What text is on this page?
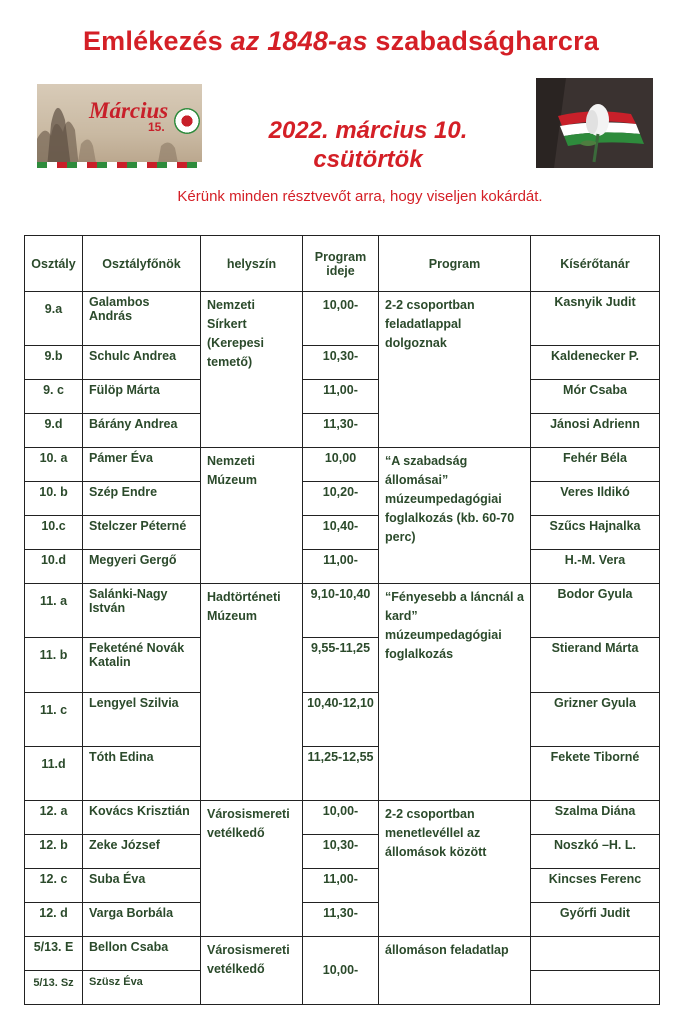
Emlékezés az 1848-as szabadságharcra
Március
15.	2022. március 10.
csütörtök
Kérünk minden résztvevőt arra, hogy viseljen kokárdát.
Osztály	Osztályfőnök	helyszín	Program ideje	Program	Kísérőtanár
9.a	Galambos András	Nemzeti Sírkert (Kerepesi temető)	10,00-	2-2 csoportban feladatlappal dolgoznak	Kasnyik Judit
9.b	Schulc Andrea		10,30-		Kaldenecker P.
9. c	Fülöp Márta		11,00-		Mór Csaba
9.d	Bárány Andrea		11,30-		Jánosi Adrienn
10. a	Pámer Éva	Nemzeti Múzeum	10,00	“A szabadság állomásai” múzeumpedagógiai foglalkozás (kb. 60-70 perc)	Fehér Béla
10. b	Szép Endre		10,20-		Veres Ildikó
10.c	Stelczer Péterné		10,40-		Szűcs Hajnalka
10.d	Megyeri Gergő		11,00-		H.-M. Vera
11. a	Salánki-Nagy István	Hadtörténeti Múzeum	9,10-10,40	“Fényesebb a láncnál a kard” múzeumpedagógiai foglalkozás	Bodor Gyula
11. b	Feketéné Novák Katalin		9,55-11,25		Stierand Márta
11. c	Lengyel Szilvia		10,40-12,10		Grizner Gyula
11.d	Tóth Edina		11,25-12,55		Fekete Tiborné
12. a	Kovács Krisztián	Városismereti vetélkedő	10,00-	2-2 csoportban menetlevéllel az állomások között	Szalma Diána
12. b	Zeke József		10,30-		Noszkó –H. L.
12. c	Suba Éva		11,00-		Kincses Ferenc
12. d	Varga Borbála		11,30-		Győrfi Judit
5/13. E	Bellon Csaba	Városismereti vetélkedő	10,00-	állomáson feladatlap	
5/13. Sz	Szüsz Éva				
